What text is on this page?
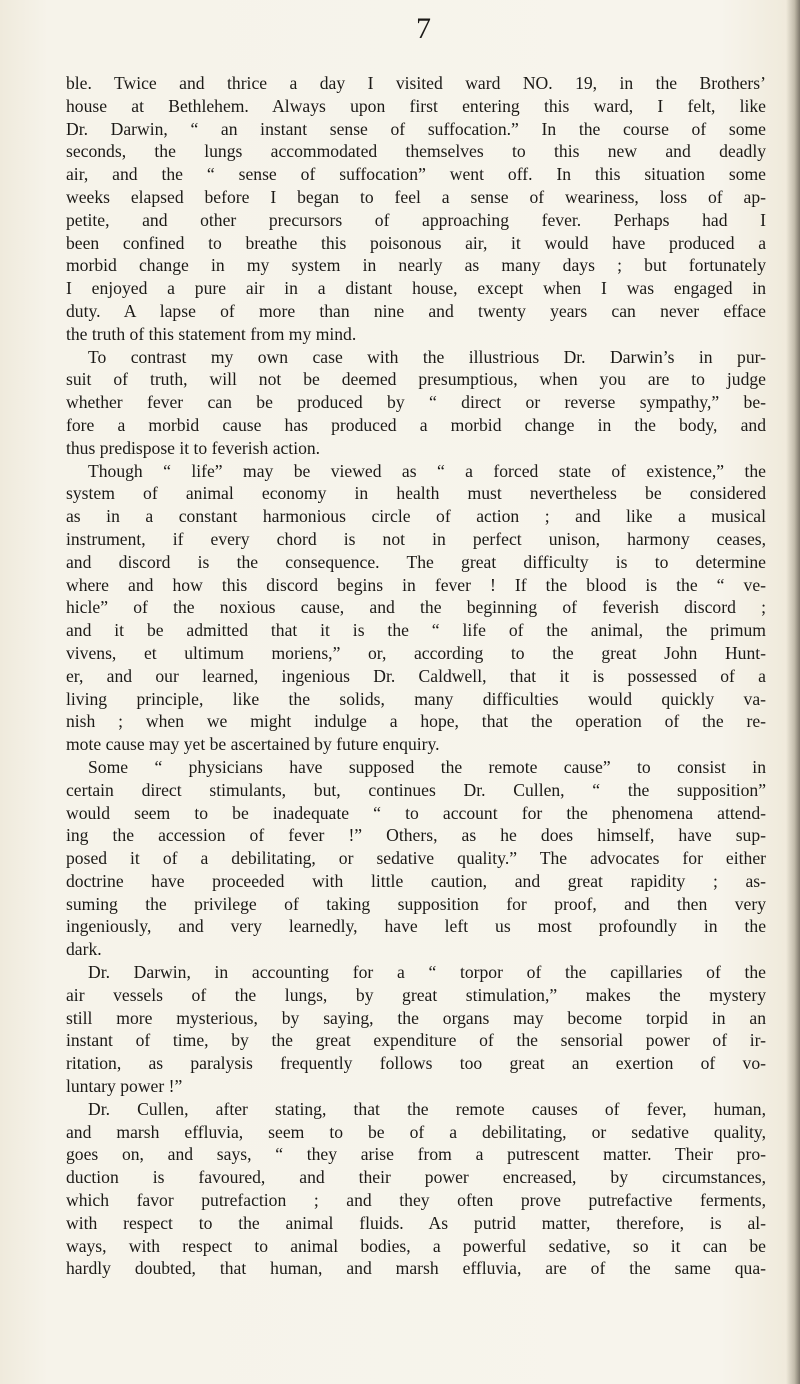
7
ble. Twice and thrice a day I visited ward NO. 19, in the Brothers’
house at Bethlehem. Always upon first entering this ward, I felt, like
Dr. Darwin, “ an instant sense of suffocation.” In the course of some
seconds, the lungs accommodated themselves to this new and deadly
air, and the “ sense of suffocation” went off. In this situation some
weeks elapsed before I began to feel a sense of weariness, loss of ap-
petite, and other precursors of approaching fever. Perhaps had I
been confined to breathe this poisonous air, it would have produced a
morbid change in my system in nearly as many days ; but fortunately
I enjoyed a pure air in a distant house, except when I was engaged in
duty. A lapse of more than nine and twenty years can never efface
the truth of this statement from my mind.
To contrast my own case with the illustrious Dr. Darwin’s in pur-
suit of truth, will not be deemed presumptious, when you are to judge
whether fever can be produced by “ direct or reverse sympathy,” be-
fore a morbid cause has produced a morbid change in the body, and
thus predispose it to feverish action.
Though “ life” may be viewed as “ a forced state of existence,” the
system of animal economy in health must nevertheless be considered
as in a constant harmonious circle of action ; and like a musical
instrument, if every chord is not in perfect unison, harmony ceases,
and discord is the consequence. The great difficulty is to determine
where and how this discord begins in fever ! If the blood is the “ ve-
hicle” of the noxious cause, and the beginning of feverish discord ;
and it be admitted that it is the “ life of the animal, the primum
vivens, et ultimum moriens,” or, according to the great John Hunt-
er, and our learned, ingenious Dr. Caldwell, that it is possessed of a
living principle, like the solids, many difficulties would quickly va-
nish ; when we might indulge a hope, that the operation of the re-
mote cause may yet be ascertained by future enquiry.
Some “ physicians have supposed the remote cause” to consist in
certain direct stimulants, but, continues Dr. Cullen, “ the supposition”
would seem to be inadequate “ to account for the phenomena attend-
ing the accession of fever !” Others, as he does himself, have sup-
posed it of a debilitating, or sedative quality.” The advocates for either
doctrine have proceeded with little caution, and great rapidity ; as-
suming the privilege of taking supposition for proof, and then very
ingeniously, and very learnedly, have left us most profoundly in the
dark.
Dr. Darwin, in accounting for a “ torpor of the capillaries of the
air vessels of the lungs, by great stimulation,” makes the mystery
still more mysterious, by saying, the organs may become torpid in an
instant of time, by the great expenditure of the sensorial power of ir-
ritation, as paralysis frequently follows too great an exertion of vo-
luntary power !”
Dr. Cullen, after stating, that the remote causes of fever, human,
and marsh effluvia, seem to be of a debilitating, or sedative quality,
goes on, and says, “ they arise from a putrescent matter. Their pro-
duction is favoured, and their power encreased, by circumstances,
which favor putrefaction ; and they often prove putrefactive ferments,
with respect to the animal fluids. As putrid matter, therefore, is al-
ways, with respect to animal bodies, a powerful sedative, so it can be
hardly doubted, that human, and marsh effluvia, are of the same qua-
